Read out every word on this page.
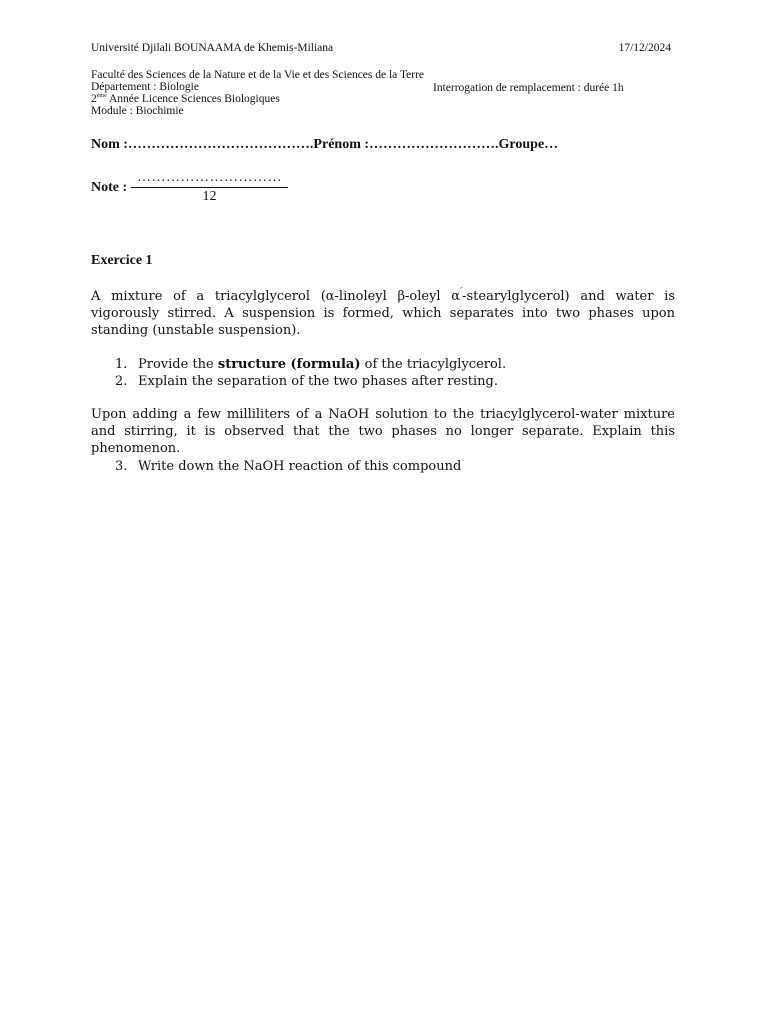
Université Djilali BOUNAAMA de Khemis-Miliana	17/12/2024
Faculté des Sciences de la Nature et de la Vie et des Sciences de la Terre
Département : Biologie
2ème Année Licence Sciences Biologiques
Module : Biochimie
Interrogation de remplacement : durée 1h
Nom :………………………………….Prénom :……………………….Groupe…
Note :
…………………………
12
Exercice 1
A mixture of a triacylglycerol (α-linoleyl β-oleyl α′-stearylglycerol) and water is vigorously stirred. A suspension is formed, which separates into two phases upon standing (unstable suspension).
1. Provide the structure (formula) of the triacylglycerol.
2. Explain the separation of the two phases after resting.
Upon adding a few milliliters of a NaOH solution to the triacylglycerol-water mixture and stirring, it is observed that the two phases no longer separate. Explain this phenomenon.
3. Write down the NaOH reaction of this compound
